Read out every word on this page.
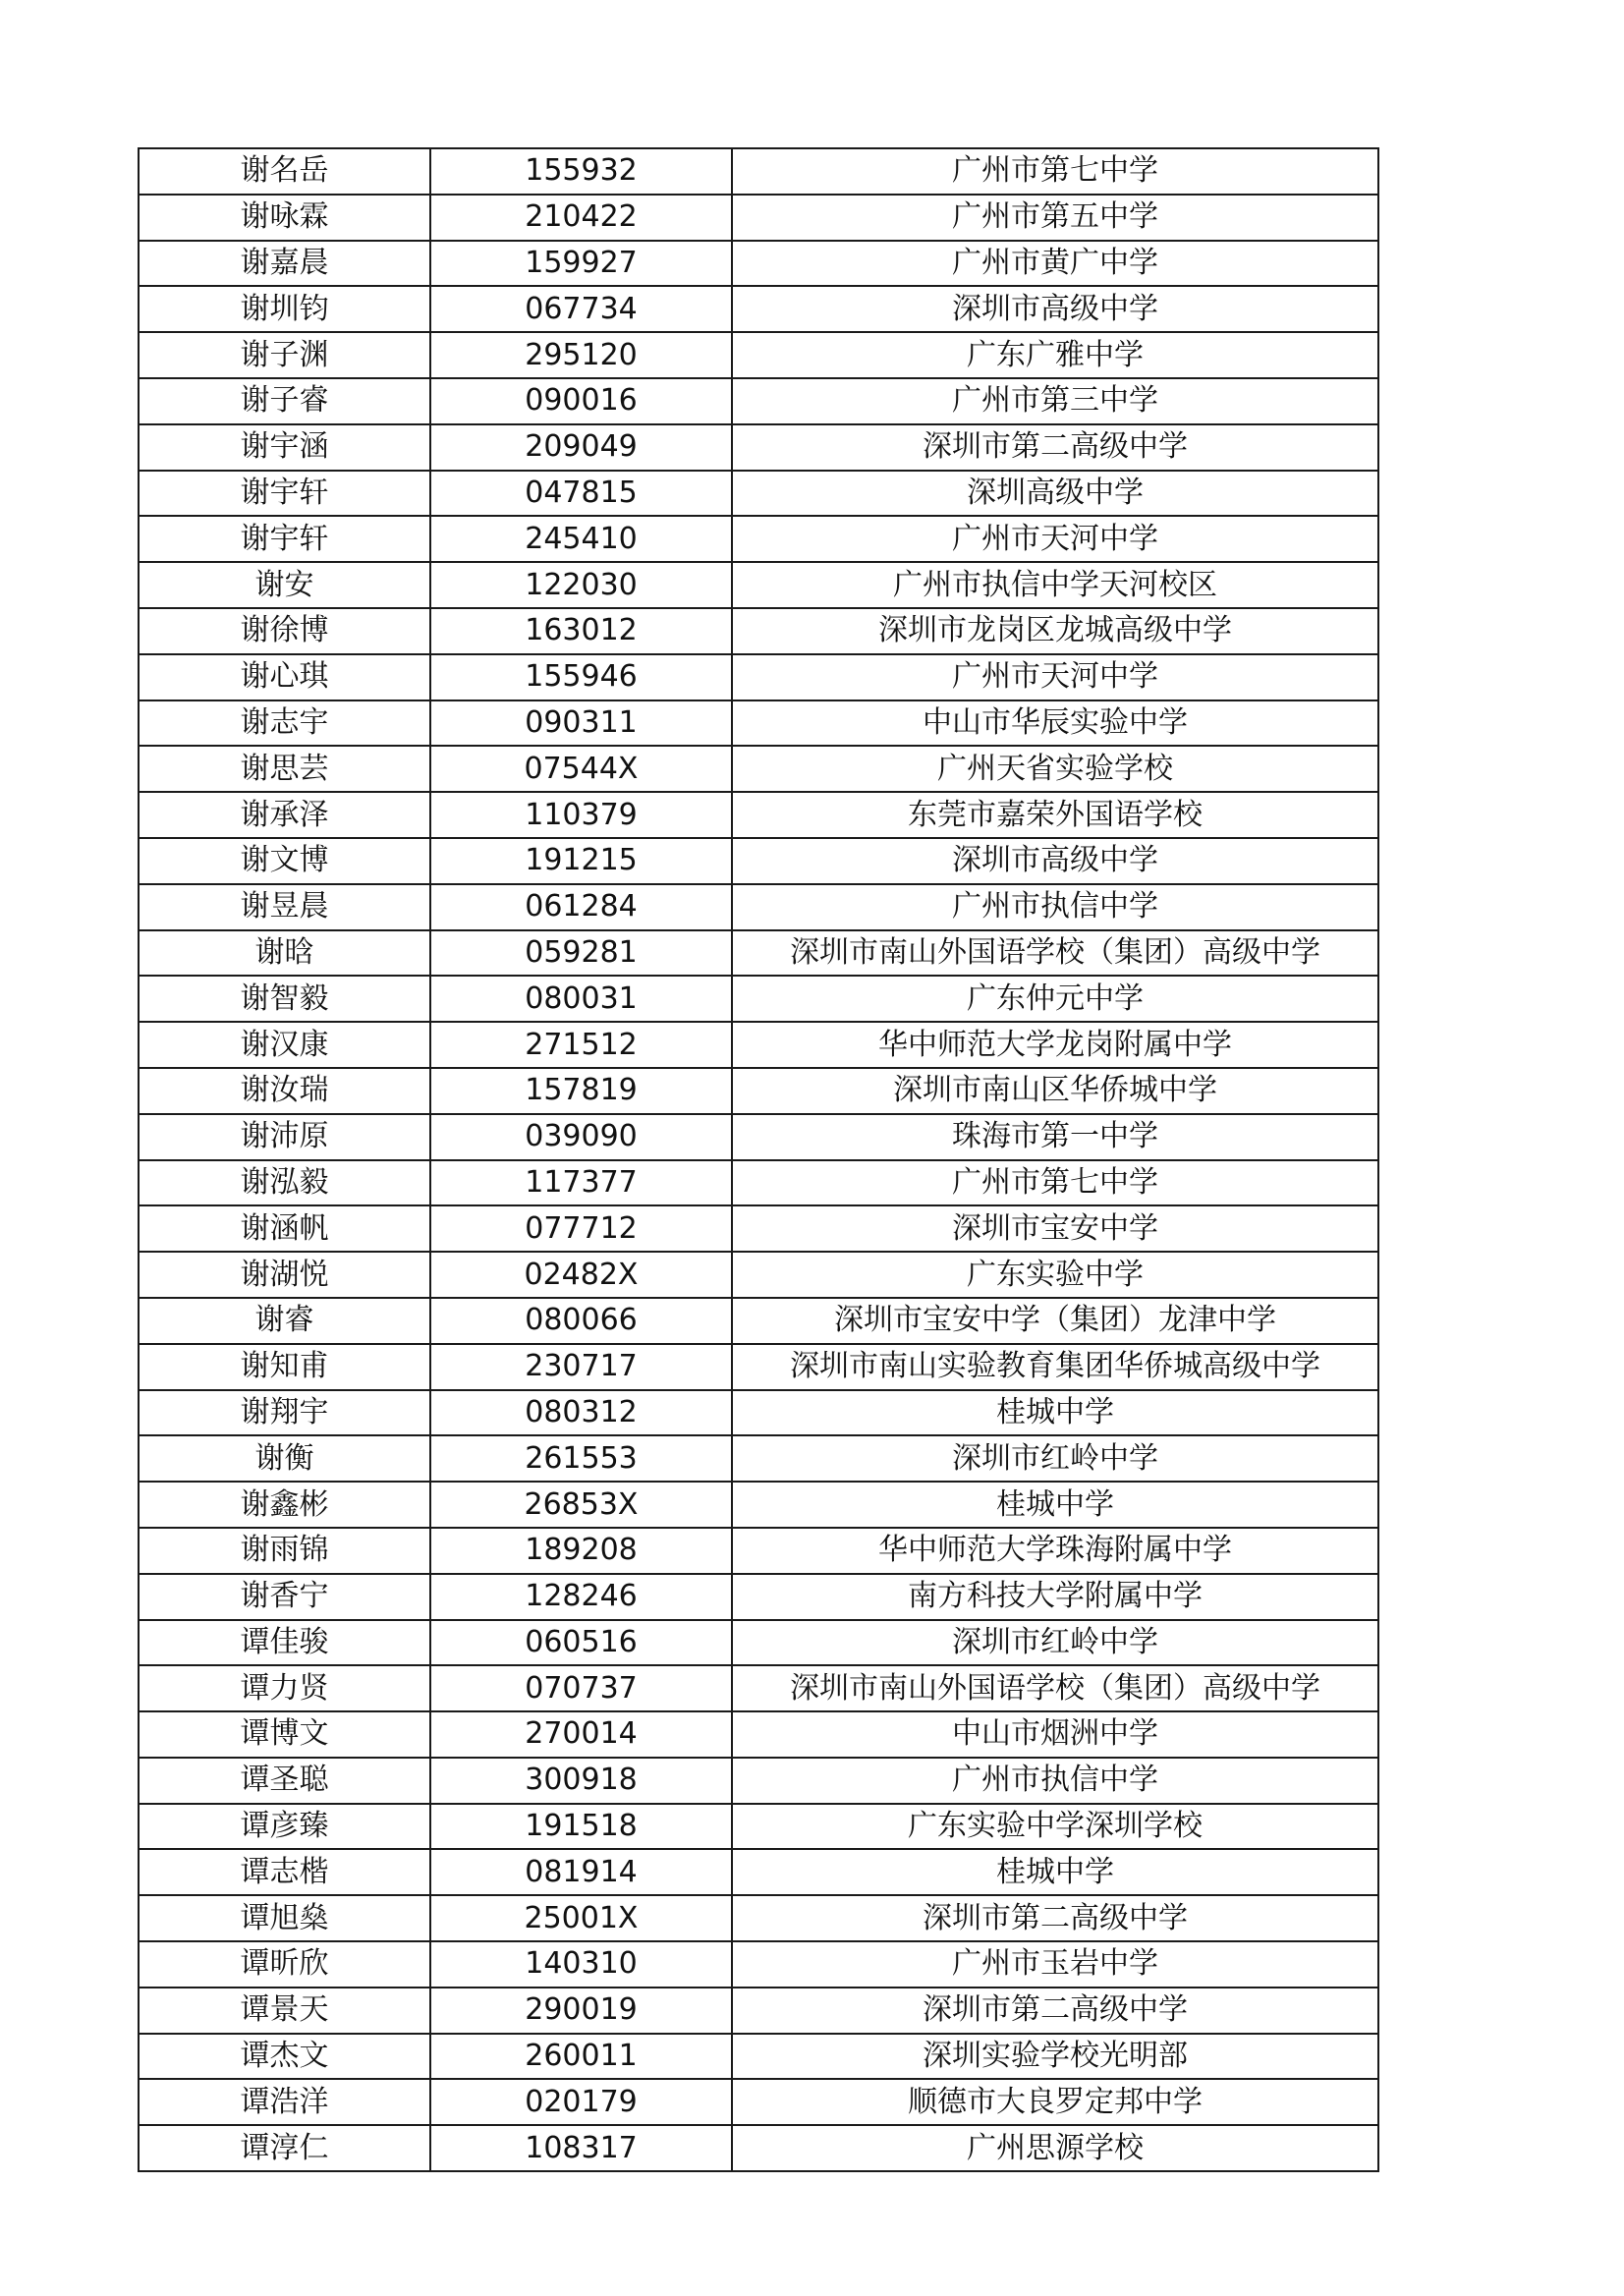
谢名岳	155932	广州市第七中学
谢咏霖	210422	广州市第五中学
谢嘉晨	159927	广州市黄广中学
谢圳钧	067734	深圳市高级中学
谢子渊	295120	广东广雅中学
谢子睿	090016	广州市第三中学
谢宇涵	209049	深圳市第二高级中学
谢宇轩	047815	深圳高级中学
谢宇轩	245410	广州市天河中学
谢安	122030	广州市执信中学天河校区
谢徐博	163012	深圳市龙岗区龙城高级中学
谢心琪	155946	广州市天河中学
谢志宇	090311	中山市华辰实验中学
谢思芸	07544X	广州天省实验学校
谢承泽	110379	东莞市嘉荣外国语学校
谢文博	191215	深圳市高级中学
谢昱晨	061284	广州市执信中学
谢晗	059281	深圳市南山外国语学校（集团）高级中学
谢智毅	080031	广东仲元中学
谢汉康	271512	华中师范大学龙岗附属中学
谢汝瑞	157819	深圳市南山区华侨城中学
谢沛原	039090	珠海市第一中学
谢泓毅	117377	广州市第七中学
谢涵帆	077712	深圳市宝安中学
谢湖悦	02482X	广东实验中学
谢睿	080066	深圳市宝安中学（集团）龙津中学
谢知甫	230717	深圳市南山实验教育集团华侨城高级中学
谢翔宇	080312	桂城中学
谢衡	261553	深圳市红岭中学
谢鑫彬	26853X	桂城中学
谢雨锦	189208	华中师范大学珠海附属中学
谢香宁	128246	南方科技大学附属中学
谭佳骏	060516	深圳市红岭中学
谭力贤	070737	深圳市南山外国语学校（集团）高级中学
谭博文	270014	中山市烟洲中学
谭圣聪	300918	广州市执信中学
谭彦臻	191518	广东实验中学深圳学校
谭志楷	081914	桂城中学
谭旭燊	25001X	深圳市第二高级中学
谭昕欣	140310	广州市玉岩中学
谭景天	290019	深圳市第二高级中学
谭杰文	260011	深圳实验学校光明部
谭浩洋	020179	顺德市大良罗定邦中学
谭淳仁	108317	广州思源学校
